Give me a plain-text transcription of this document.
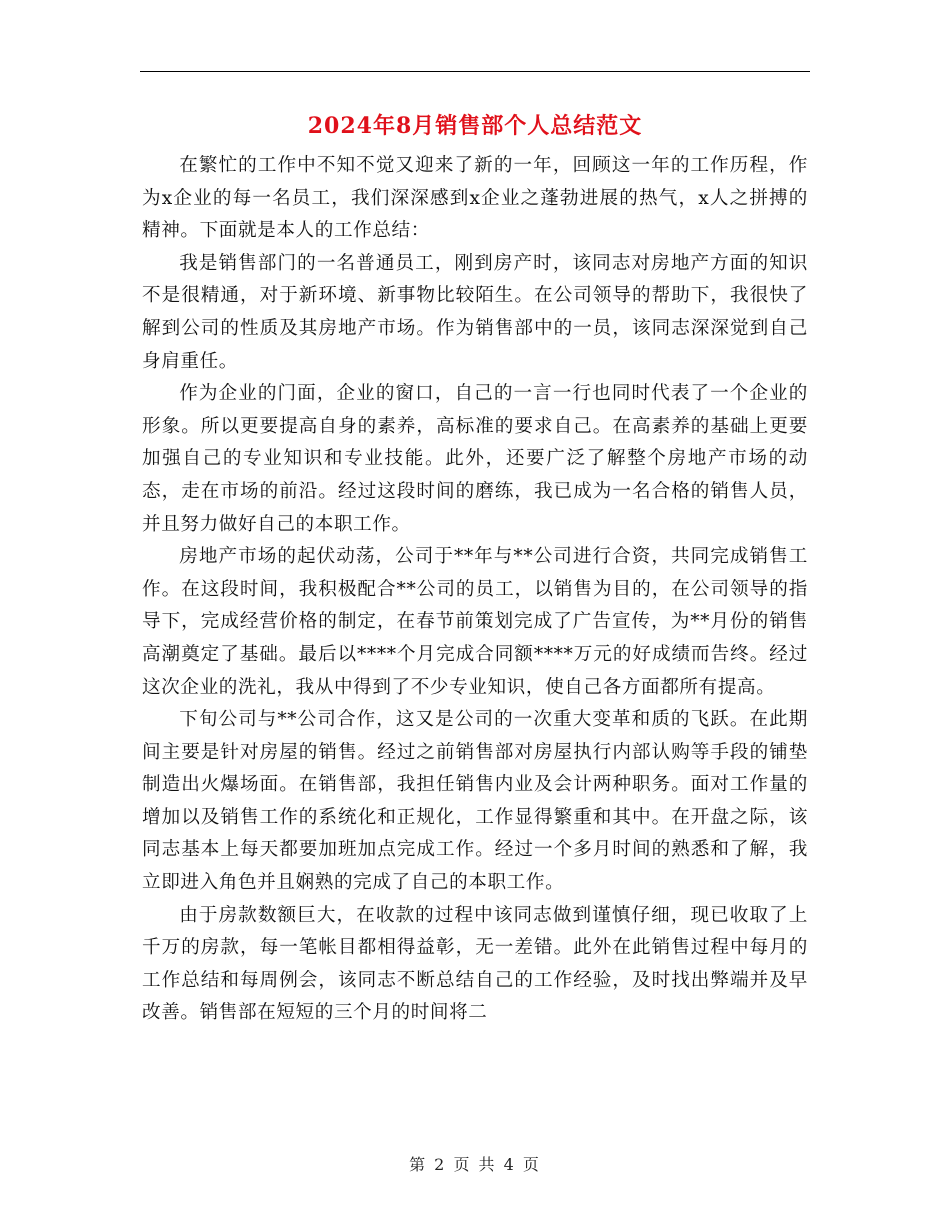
2024年8月销售部个人总结范文

在繁忙的工作中不知不觉又迎来了新的一年，回顾这一年的工作历程，作为x企业的每一名员工，我们深深感到x企业之蓬勃进展的热气，x人之拼搏的精神。下面就是本人的工作总结：

我是销售部门的一名普通员工，刚到房产时，该同志对房地产方面的知识不是很精通，对于新环境、新事物比较陌生。在公司领导的帮助下，我很快了解到公司的性质及其房地产市场。作为销售部中的一员，该同志深深觉到自己身肩重任。

作为企业的门面，企业的窗口，自己的一言一行也同时代表了一个企业的形象。所以更要提高自身的素养，高标准的要求自己。在高素养的基础上更要加强自己的专业知识和专业技能。此外，还要广泛了解整个房地产市场的动态，走在市场的前沿。经过这段时间的磨练，我已成为一名合格的销售人员，并且努力做好自己的本职工作。

房地产市场的起伏动荡，公司于**年与**公司进行合资，共同完成销售工作。在这段时间，我积极配合**公司的员工，以销售为目的，在公司领导的指导下，完成经营价格的制定，在春节前策划完成了广告宣传，为**月份的销售高潮奠定了基础。最后以****个月完成合同额****万元的好成绩而告终。经过这次企业的洗礼，我从中得到了不少专业知识，使自己各方面都所有提高。

下旬公司与**公司合作，这又是公司的一次重大变革和质的飞跃。在此期间主要是针对房屋的销售。经过之前销售部对房屋执行内部认购等手段的铺垫制造出火爆场面。在销售部，我担任销售内业及会计两种职务。面对工作量的增加以及销售工作的系统化和正规化，工作显得繁重和其中。在开盘之际，该同志基本上每天都要加班加点完成工作。经过一个多月时间的熟悉和了解，我立即进入角色并且娴熟的完成了自己的本职工作。

由于房款数额巨大，在收款的过程中该同志做到谨慎仔细，现已收取了上千万的房款，每一笔帐目都相得益彰，无一差错。此外在此销售过程中每月的工作总结和每周例会，该同志不断总结自己的工作经验，及时找出弊端并及早改善。销售部在短短的三个月的时间将二

第 2 页 共 4 页
